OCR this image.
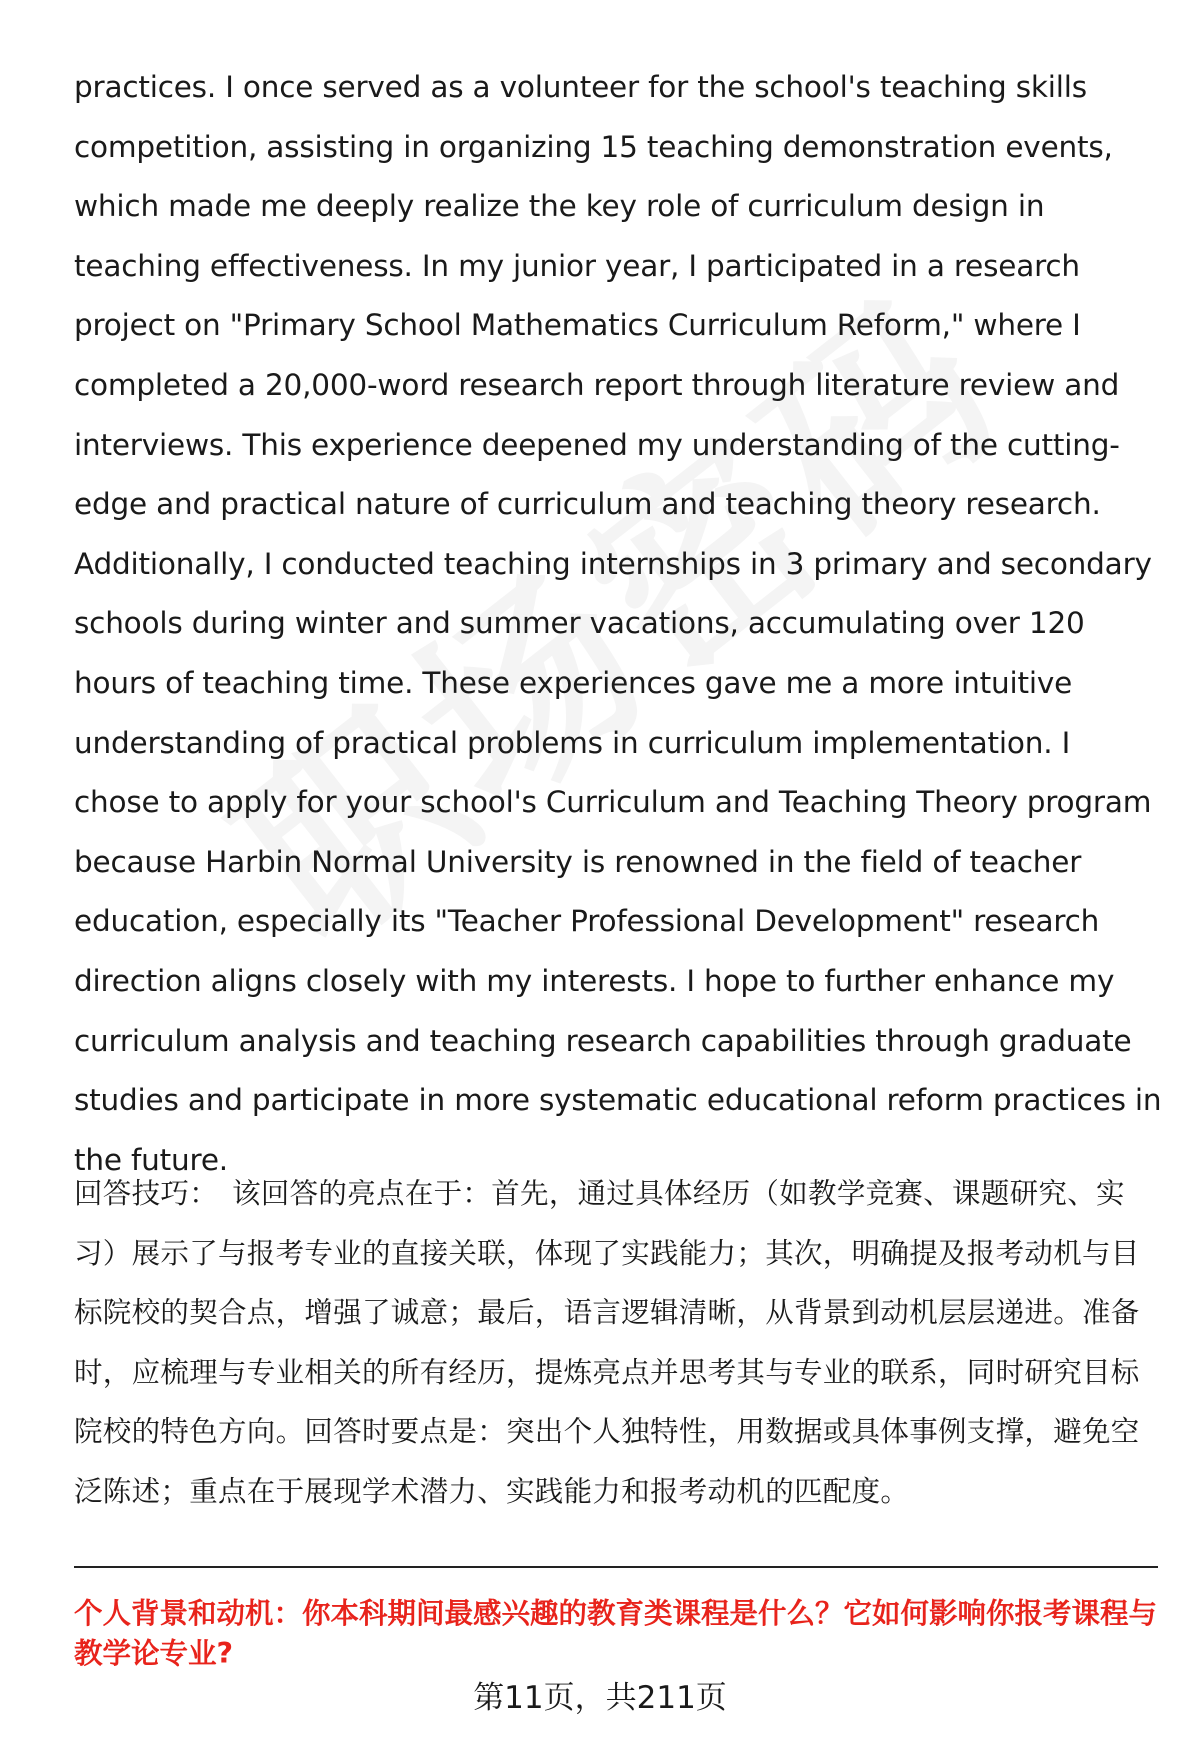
practices. I once served as a volunteer for the school's teaching skills competition, assisting in organizing 15 teaching demonstration events, which made me deeply realize the key role of curriculum design in teaching effectiveness. In my junior year, I participated in a research project on "Primary School Mathematics Curriculum Reform," where I completed a 20,000-word research report through literature review and interviews. This experience deepened my understanding of the cutting-edge and practical nature of curriculum and teaching theory research. Additionally, I conducted teaching internships in 3 primary and secondary schools during winter and summer vacations, accumulating over 120 hours of teaching time. These experiences gave me a more intuitive understanding of practical problems in curriculum implementation. I chose to apply for your school's Curriculum and Teaching Theory program because Harbin Normal University is renowned in the field of teacher education, especially its "Teacher Professional Development" research direction aligns closely with my interests. I hope to further enhance my curriculum analysis and teaching research capabilities through graduate studies and participate in more systematic educational reform practices in the future.

回答技巧： 该回答的亮点在于：首先，通过具体经历（如教学竞赛、课题研究、实习）展示了与报考专业的直接关联，体现了实践能力；其次，明确提及报考动机与目标院校的契合点，增强了诚意；最后，语言逻辑清晰，从背景到动机层层递进。准备时，应梳理与专业相关的所有经历，提炼亮点并思考其与专业的联系，同时研究目标院校的特色方向。回答时要点是：突出个人独特性，用数据或具体事例支撑，避免空泛陈述；重点在于展现学术潜力、实践能力和报考动机的匹配度。

个人背景和动机：你本科期间最感兴趣的教育类课程是什么？它如何影响你报考课程与教学论专业?

第11页，共211页
